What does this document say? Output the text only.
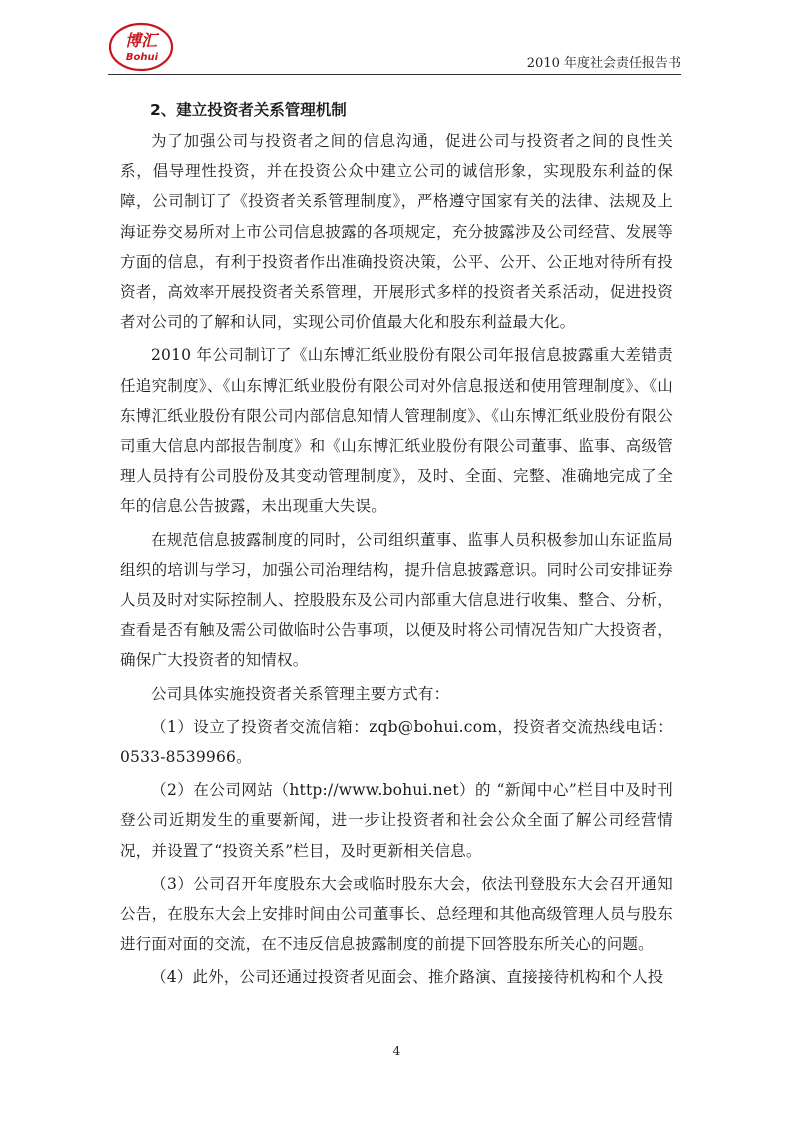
博汇
Bohui	2010 年度社会责任报告书
2、建立投资者关系管理机制

为了加强公司与投资者之间的信息沟通，促进公司与投资者之间的良性关系，倡导理性投资，并在投资公众中建立公司的诚信形象，实现股东利益的保障，公司制订了《投资者关系管理制度》，严格遵守国家有关的法律、法规及上海证券交易所对上市公司信息披露的各项规定，充分披露涉及公司经营、发展等方面的信息，有利于投资者作出准确投资决策，公平、公开、公正地对待所有投资者，高效率开展投资者关系管理，开展形式多样的投资者关系活动，促进投资者对公司的了解和认同，实现公司价值最大化和股东利益最大化。

2010 年公司制订了《山东博汇纸业股份有限公司年报信息披露重大差错责任追究制度》、《山东博汇纸业股份有限公司对外信息报送和使用管理制度》、《山东博汇纸业股份有限公司内部信息知情人管理制度》、《山东博汇纸业股份有限公司重大信息内部报告制度》和《山东博汇纸业股份有限公司董事、监事、高级管理人员持有公司股份及其变动管理制度》，及时、全面、完整、准确地完成了全年的信息公告披露，未出现重大失误。

在规范信息披露制度的同时，公司组织董事、监事人员积极参加山东证监局组织的培训与学习，加强公司治理结构，提升信息披露意识。同时公司安排证券人员及时对实际控制人、控股股东及公司内部重大信息进行收集、整合、分析，查看是否有触及需公司做临时公告事项，以便及时将公司情况告知广大投资者，确保广大投资者的知情权。

公司具体实施投资者关系管理主要方式有：

（1）设立了投资者交流信箱：zqb@bohui.com，投资者交流热线电话：0533-8539966。

（2）在公司网站（http://www.bohui.net）的 “新闻中心”栏目中及时刊登公司近期发生的重要新闻，进一步让投资者和社会公众全面了解公司经营情况，并设置了“投资关系”栏目，及时更新相关信息。

（3）公司召开年度股东大会或临时股东大会，依法刊登股东大会召开通知公告，在股东大会上安排时间由公司董事长、总经理和其他高级管理人员与股东进行面对面的交流，在不违反信息披露制度的前提下回答股东所关心的问题。

（4）此外，公司还通过投资者见面会、推介路演、直接接待机构和个人投

4
